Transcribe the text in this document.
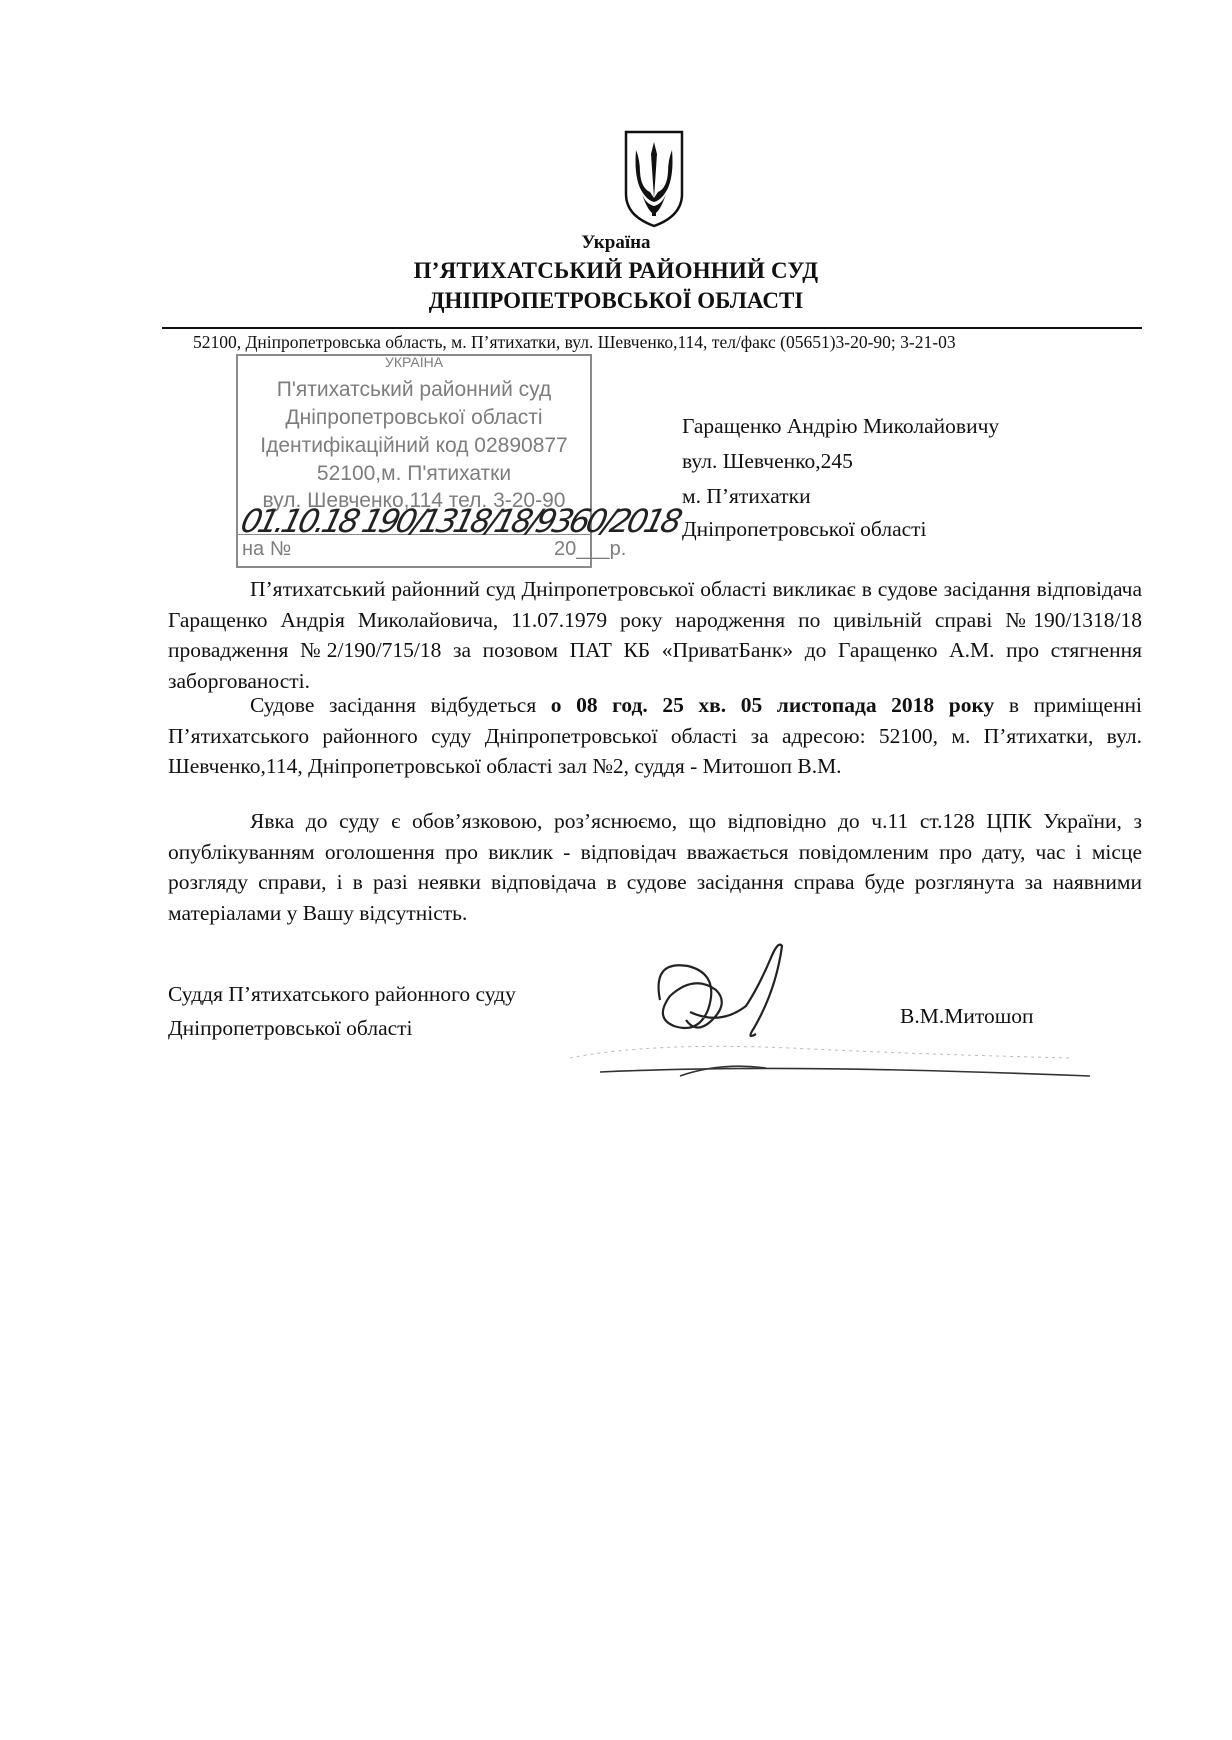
Україна
П’ЯТИХАТСЬКИЙ РАЙОННИЙ СУД
ДНІПРОПЕТРОВСЬКОЇ ОБЛАСТІ
52100, Дніпропетровська область, м. П’ятихатки, вул. Шевченко,114, тел/факс (05651)3-20-90; 3-21-03
УКРАЇНА
П'ятихатський районний суд
Дніпропетровської області
Ідентифікаційний код 02890877
52100,м. П'ятихатки
вул. Шевченко,114 тел. 3-20-90
на №	20___р.
01.10.18 190/1318/18/9360/2018
Гаращенко Андрію Миколайовичу
вул. Шевченко,245
м. П’ятихатки
Дніпропетровської області

П’ятихатський районний суд Дніпропетровської області викликає в судове засідання відповідача Гаращенко Андрія Миколайовича, 11.07.1979 року народження по цивільній справі №190/1318/18 провадження №2/190/715/18 за позовом ПАТ КБ «ПриватБанк» до Гаращенко А.М. про стягнення заборгованості.

Судове засідання відбудеться о 08 год. 25 хв. 05 листопада 2018 року в приміщенні П’ятихатського районного суду Дніпропетровської області за адресою: 52100, м. П’ятихатки, вул. Шевченко,114, Дніпропетровської області зал №2, суддя - Митошоп В.М.

Явка до суду є обов’язковою, роз’яснюємо, що відповідно до ч.11 ст.128 ЦПК України, з опублікуванням оголошення про виклик - відповідач вважається повідомленим про дату, час і місце розгляду справи, і в разі неявки відповідача в судове засідання справа буде розглянута за наявними матеріалами у Вашу відсутність.

Суддя П’ятихатського районного суду
Дніпропетровської області	В.М.Митошоп
